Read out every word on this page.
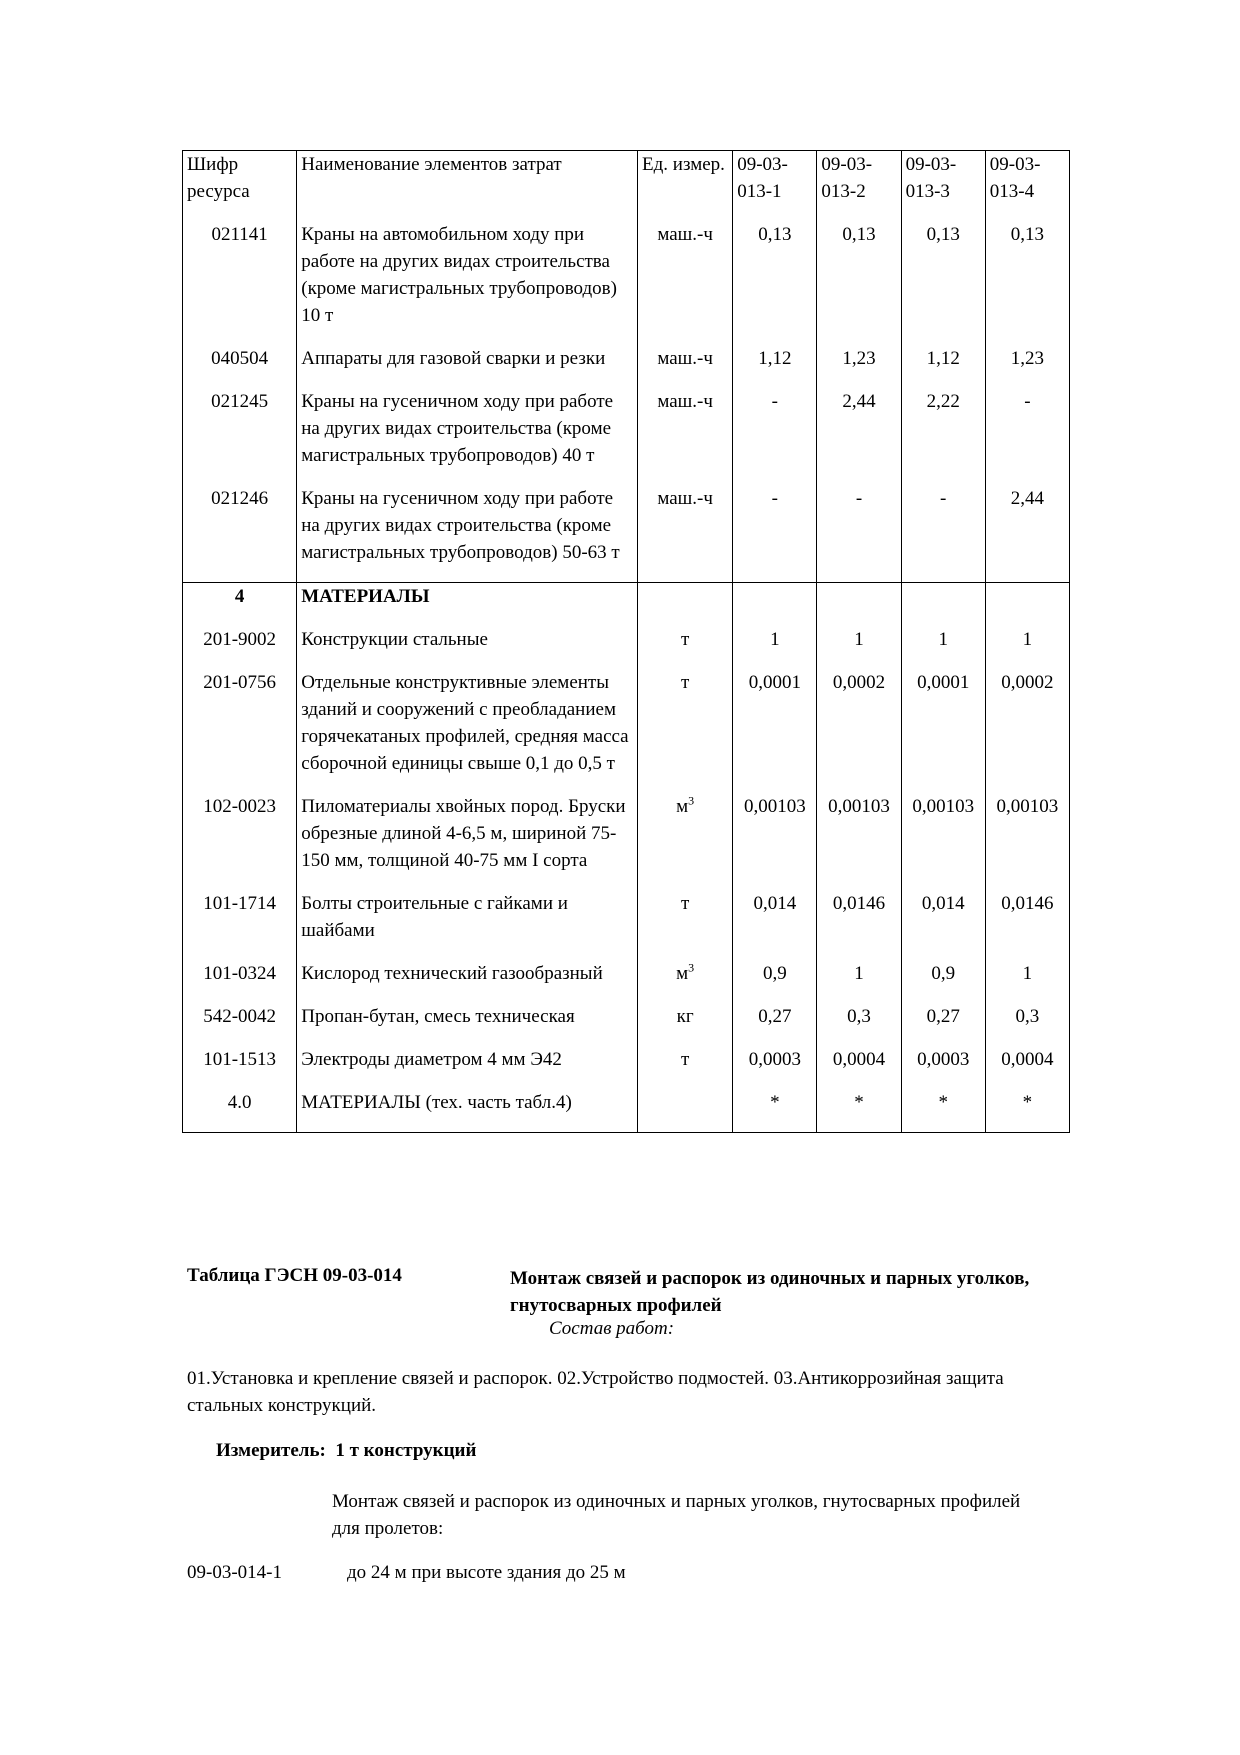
Шифр ресурса	Наименование элементов затрат	Ед. измер.	09-03-013-1	09-03-013-2	09-03-013-3	09-03-013-4
021141	Краны на автомобильном ходу при работе на других видах строительства (кроме магистральных трубопроводов) 10 т	маш.-ч	0,13	0,13	0,13	0,13
040504	Аппараты для газовой сварки и резки	маш.-ч	1,12	1,23	1,12	1,23
021245	Краны на гусеничном ходу при работе на других видах строительства (кроме магистральных трубопроводов) 40 т	маш.-ч	-	2,44	2,22	-
021246	Краны на гусеничном ходу при работе на других видах строительства (кроме магистральных трубопроводов) 50-63 т	маш.-ч	-	-	-	2,44
4	МАТЕРИАЛЫ					
201-9002	Конструкции стальные	т	1	1	1	1
201-0756	Отдельные конструктивные элементы зданий и сооружений с преобладанием горячекатаных профилей, средняя масса сборочной единицы свыше 0,1 до 0,5 т	т	0,0001	0,0002	0,0001	0,0002
102-0023	Пиломатериалы хвойных пород. Бруски обрезные длиной 4-6,5 м, шириной 75-150 мм, толщиной 40-75 мм I сорта	$м^3$	0,00103	0,00103	0,00103	0,00103
101-1714	Болты строительные с гайками и шайбами	т	0,014	0,0146	0,014	0,0146
101-0324	Кислород технический газообразный	$м^3$	0,9	1	0,9	1
542-0042	Пропан-бутан, смесь техническая	кг	0,27	0,3	0,27	0,3
101-1513	Электроды диаметром 4 мм Э42	т	0,0003	0,0004	0,0003	0,0004
4.0	МАТЕРИАЛЫ (тех. часть табл.4)		*	*	*	*
Таблица ГЭСН 09-03-014	Монтаж связей и распорок из одиночных и парных уголков, гнутосварных профилей
Состав работ:
01.Установка и крепление связей и распорок. 02.Устройство подмостей. 03.Антикоррозийная защита стальных конструкций.
Измеритель: 1 т конструкций
Монтаж связей и распорок из одиночных и парных уголков, гнутосварных профилей для пролетов:
09-03-014-1	до 24 м при высоте здания до 25 м
